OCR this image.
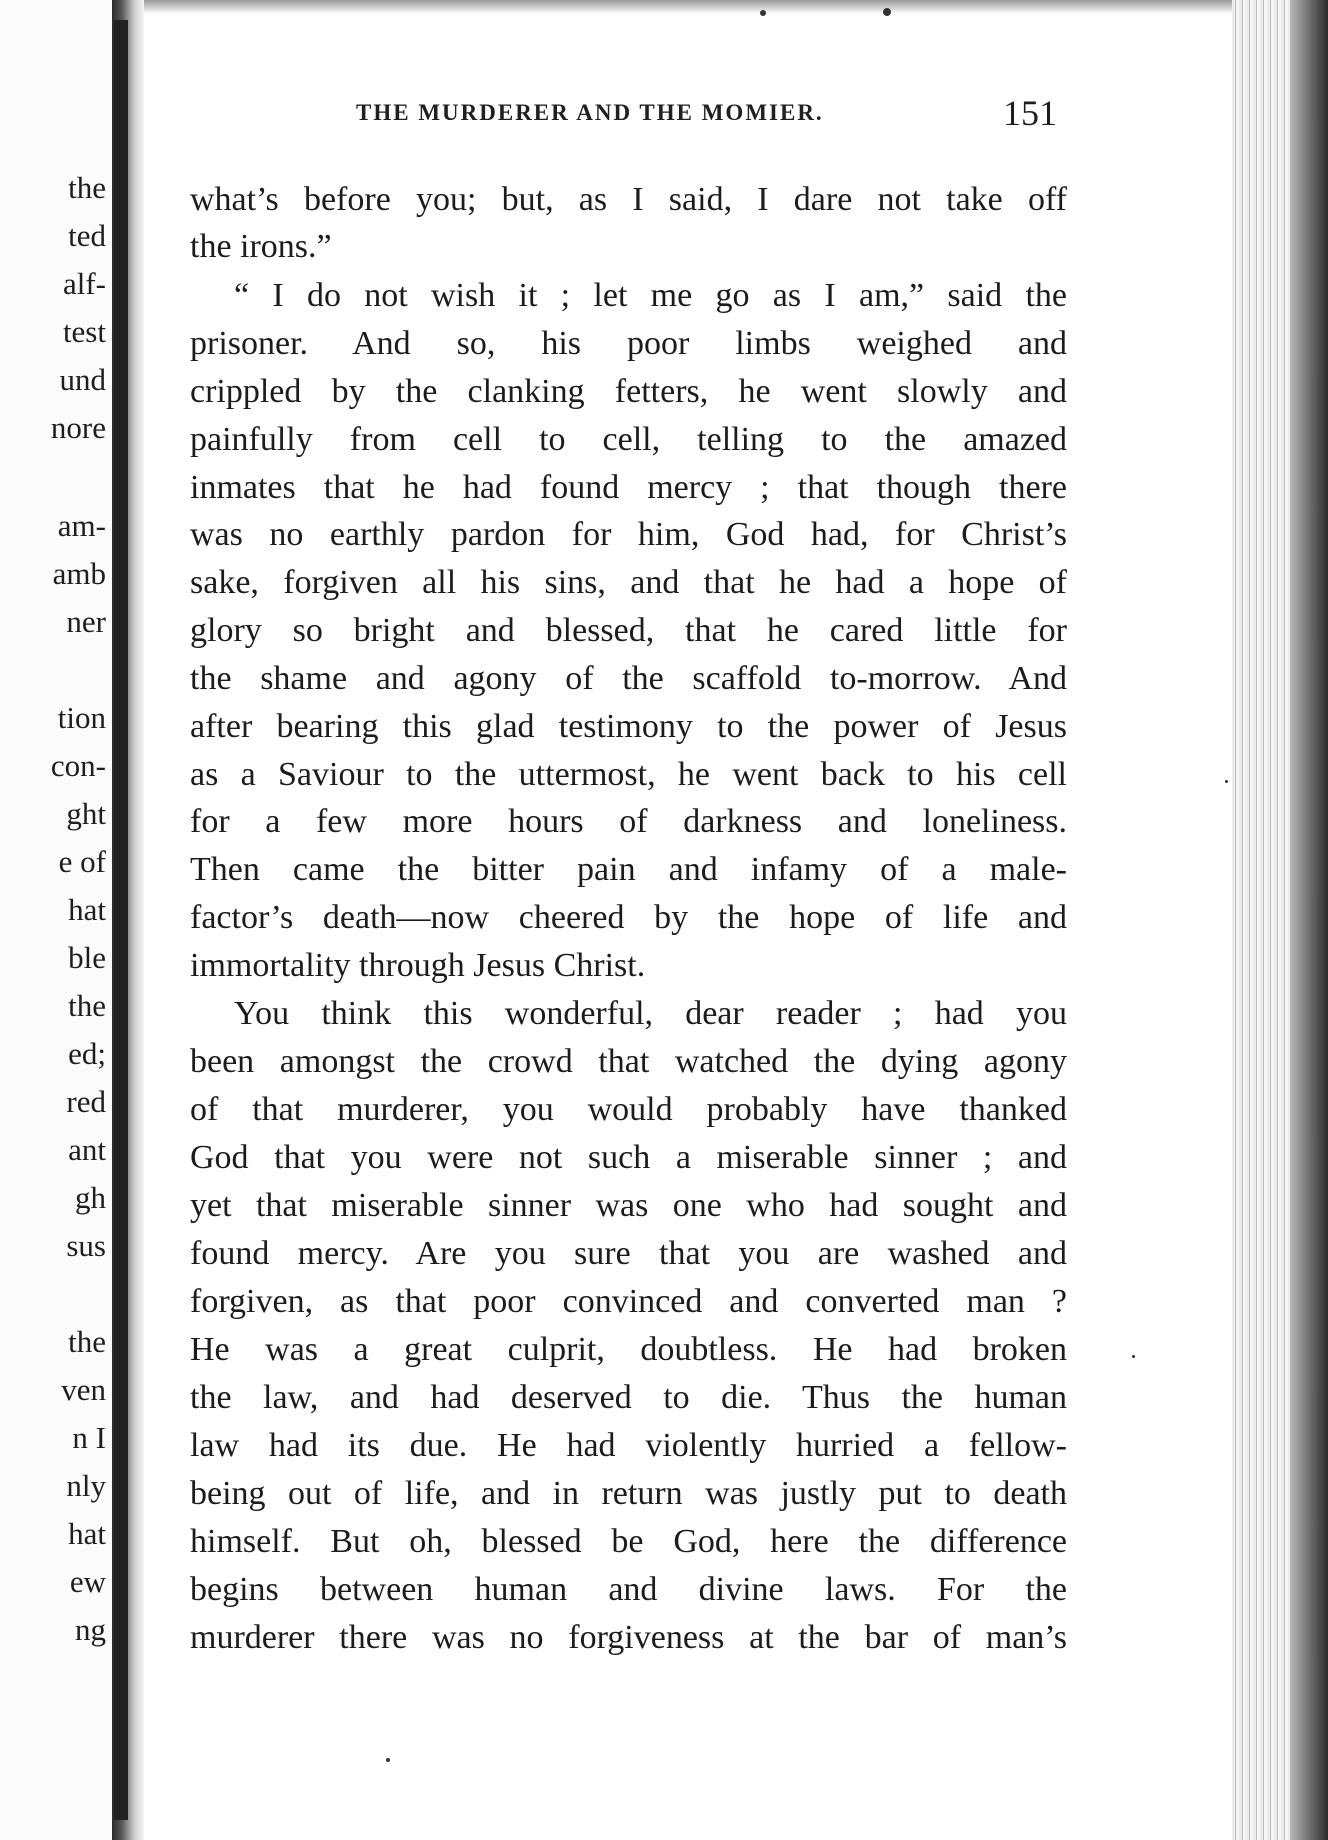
the
ted
alf-
test
und
nore
am-
amb
ner
tion
con-
ght
e of
hat
ble
the
ed;
red
ant
gh
sus
the
ven
n I
nly
hat
ew
ng
THE MURDERER AND THE MOMIER.	151
what’s before you; but, as I said, I dare not take off
the irons.”
“ I do not wish it ; let me go as I am,” said the
prisoner. And so, his poor limbs weighed and
crippled by the clanking fetters, he went slowly and
painfully from cell to cell, telling to the amazed
inmates that he had found mercy ; that though there
was no earthly pardon for him, God had, for Christ’s
sake, forgiven all his sins, and that he had a hope of
glory so bright and blessed, that he cared little for
the shame and agony of the scaffold to-morrow. And
after bearing this glad testimony to the power of Jesus
as a Saviour to the uttermost, he went back to his cell
for a few more hours of darkness and loneliness.
Then came the bitter pain and infamy of a male-
factor’s death—now cheered by the hope of life and
immortality through Jesus Christ.
You think this wonderful, dear reader ; had you
been amongst the crowd that watched the dying agony
of that murderer, you would probably have thanked
God that you were not such a miserable sinner ; and
yet that miserable sinner was one who had sought and
found mercy. Are you sure that you are washed and
forgiven, as that poor convinced and converted man ?
He was a great culprit, doubtless. He had broken
the law, and had deserved to die. Thus the human
law had its due. He had violently hurried a fellow-
being out of life, and in return was justly put to death
himself. But oh, blessed be God, here the difference
begins between human and divine laws. For the
murderer there was no forgiveness at the bar of man’s
